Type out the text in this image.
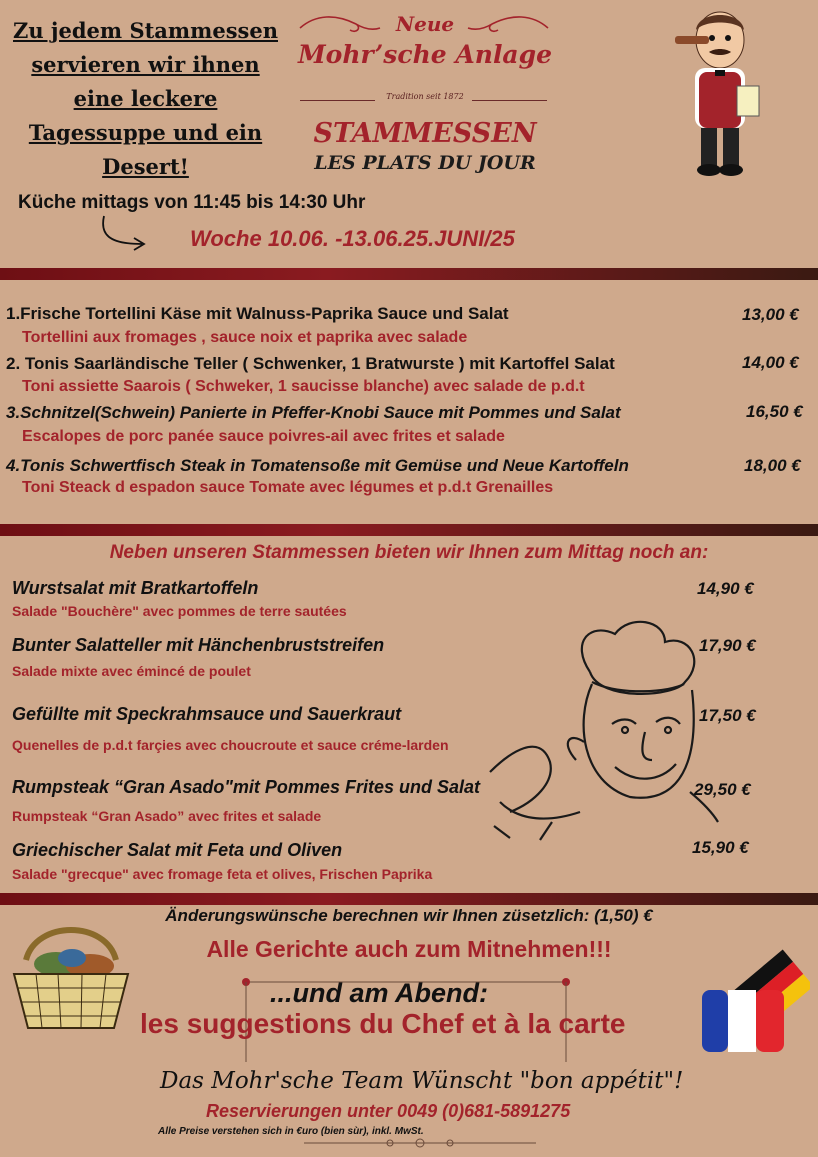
Zu jedem Stammessen
servieren wir ihnen
eine leckere
Tagessuppe und ein
Desert!
Neue
Mohr’sche Anlage
Tradition seit 1872
STAMMESSEN
LES PLATS DU JOUR
Küche mittags von 11:45 bis 14:30 Uhr
Woche 10.06. -13.06.25.JUNI/25
1.Frische Tortellini Käse mit Walnuss-Paprika Sauce und Salat	13,00 €
Tortellini aux fromages , sauce noix et paprika avec salade
2. Tonis Saarländische Teller ( Schwenker, 1 Bratwurste ) mit Kartoffel Salat	14,00 €
Toni assiette Saarois ( Schweker, 1 saucisse blanche) avec salade de p.d.t
3.Schnitzel(Schwein) Panierte in Pfeffer-Knobi Sauce mit Pommes und Salat	16,50 €
Escalopes de porc panée sauce poivres-ail avec frites et salade
4.Tonis Schwertfisch Steak in Tomatensoße mit Gemüse und Neue Kartoffeln	18,00 €
Toni Steack d espadon sauce Tomate avec légumes et p.d.t Grenailles
Neben unseren Stammessen bieten wir Ihnen zum Mittag noch an:
Wurstsalat mit Bratkartoffeln	14,90 €
Salade "Bouchère" avec pommes de terre sautées
Bunter Salatteller mit Hänchenbruststreifen	17,90 €
Salade mixte avec émincé de poulet
Gefüllte mit Speckrahmsauce und Sauerkraut	17,50 €
Quenelles de p.d.t farçies avec choucroute et sauce créme-larden
Rumpsteak “Gran Asado"mit Pommes Frites und Salat	29,50 €
Rumpsteak “Gran Asado” avec frites et salade
Griechischer Salat mit Feta und Oliven	15,90 €
Salade "grecque" avec fromage feta et olives, Frischen Paprika
Änderungswünsche berechnen wir Ihnen züsetzlich: (1,50) €
Alle Gerichte auch zum Mitnehmen!!!
...und am Abend:
les suggestions du Chef et à la carte
Das Mohr'sche Team Wünscht "bon appétit"!
Reservierungen unter 0049 (0)681-5891275
Alle Preise verstehen sich in €uro (bien sùr), inkl. MwSt.
